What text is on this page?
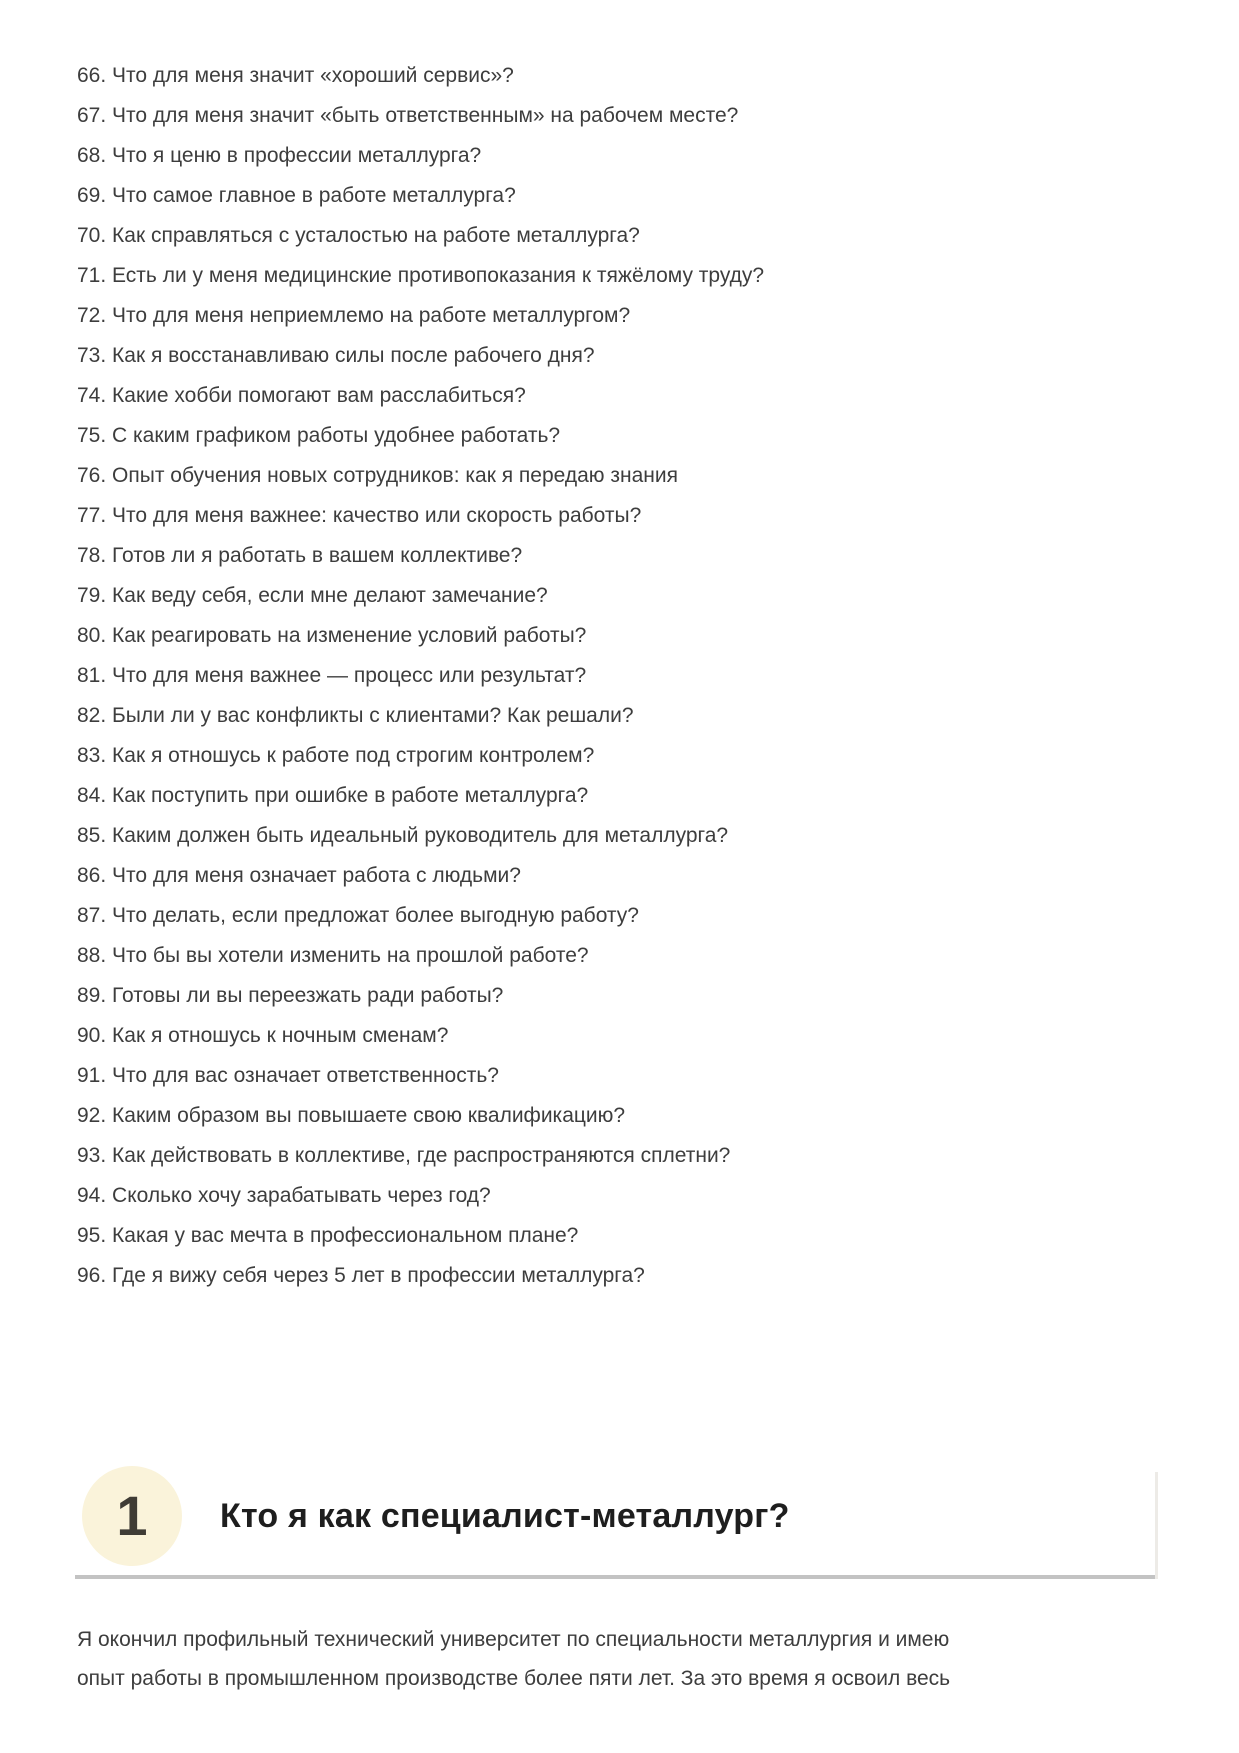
66. Что для меня значит «хороший сервис»?
67. Что для меня значит «быть ответственным» на рабочем месте?
68. Что я ценю в профессии металлурга?
69. Что самое главное в работе металлурга?
70. Как справляться с усталостью на работе металлурга?
71. Есть ли у меня медицинские противопоказания к тяжёлому труду?
72. Что для меня неприемлемо на работе металлургом?
73. Как я восстанавливаю силы после рабочего дня?
74. Какие хобби помогают вам расслабиться?
75. С каким графиком работы удобнее работать?
76. Опыт обучения новых сотрудников: как я передаю знания
77. Что для меня важнее: качество или скорость работы?
78. Готов ли я работать в вашем коллективе?
79. Как веду себя, если мне делают замечание?
80. Как реагировать на изменение условий работы?
81. Что для меня важнее — процесс или результат?
82. Были ли у вас конфликты с клиентами? Как решали?
83. Как я отношусь к работе под строгим контролем?
84. Как поступить при ошибке в работе металлурга?
85. Каким должен быть идеальный руководитель для металлурга?
86. Что для меня означает работа с людьми?
87. Что делать, если предложат более выгодную работу?
88. Что бы вы хотели изменить на прошлой работе?
89. Готовы ли вы переезжать ради работы?
90. Как я отношусь к ночным сменам?
91. Что для вас означает ответственность?
92. Каким образом вы повышаете свою квалификацию?
93. Как действовать в коллективе, где распространяются сплетни?
94. Сколько хочу зарабатывать через год?
95. Какая у вас мечта в профессиональном плане?
96. Где я вижу себя через 5 лет в профессии металлурга?
1 Кто я как специалист-металлург?

Я окончил профильный технический университет по специальности металлургия и имею
опыт работы в промышленном производстве более пяти лет. За это время я освоил весь
